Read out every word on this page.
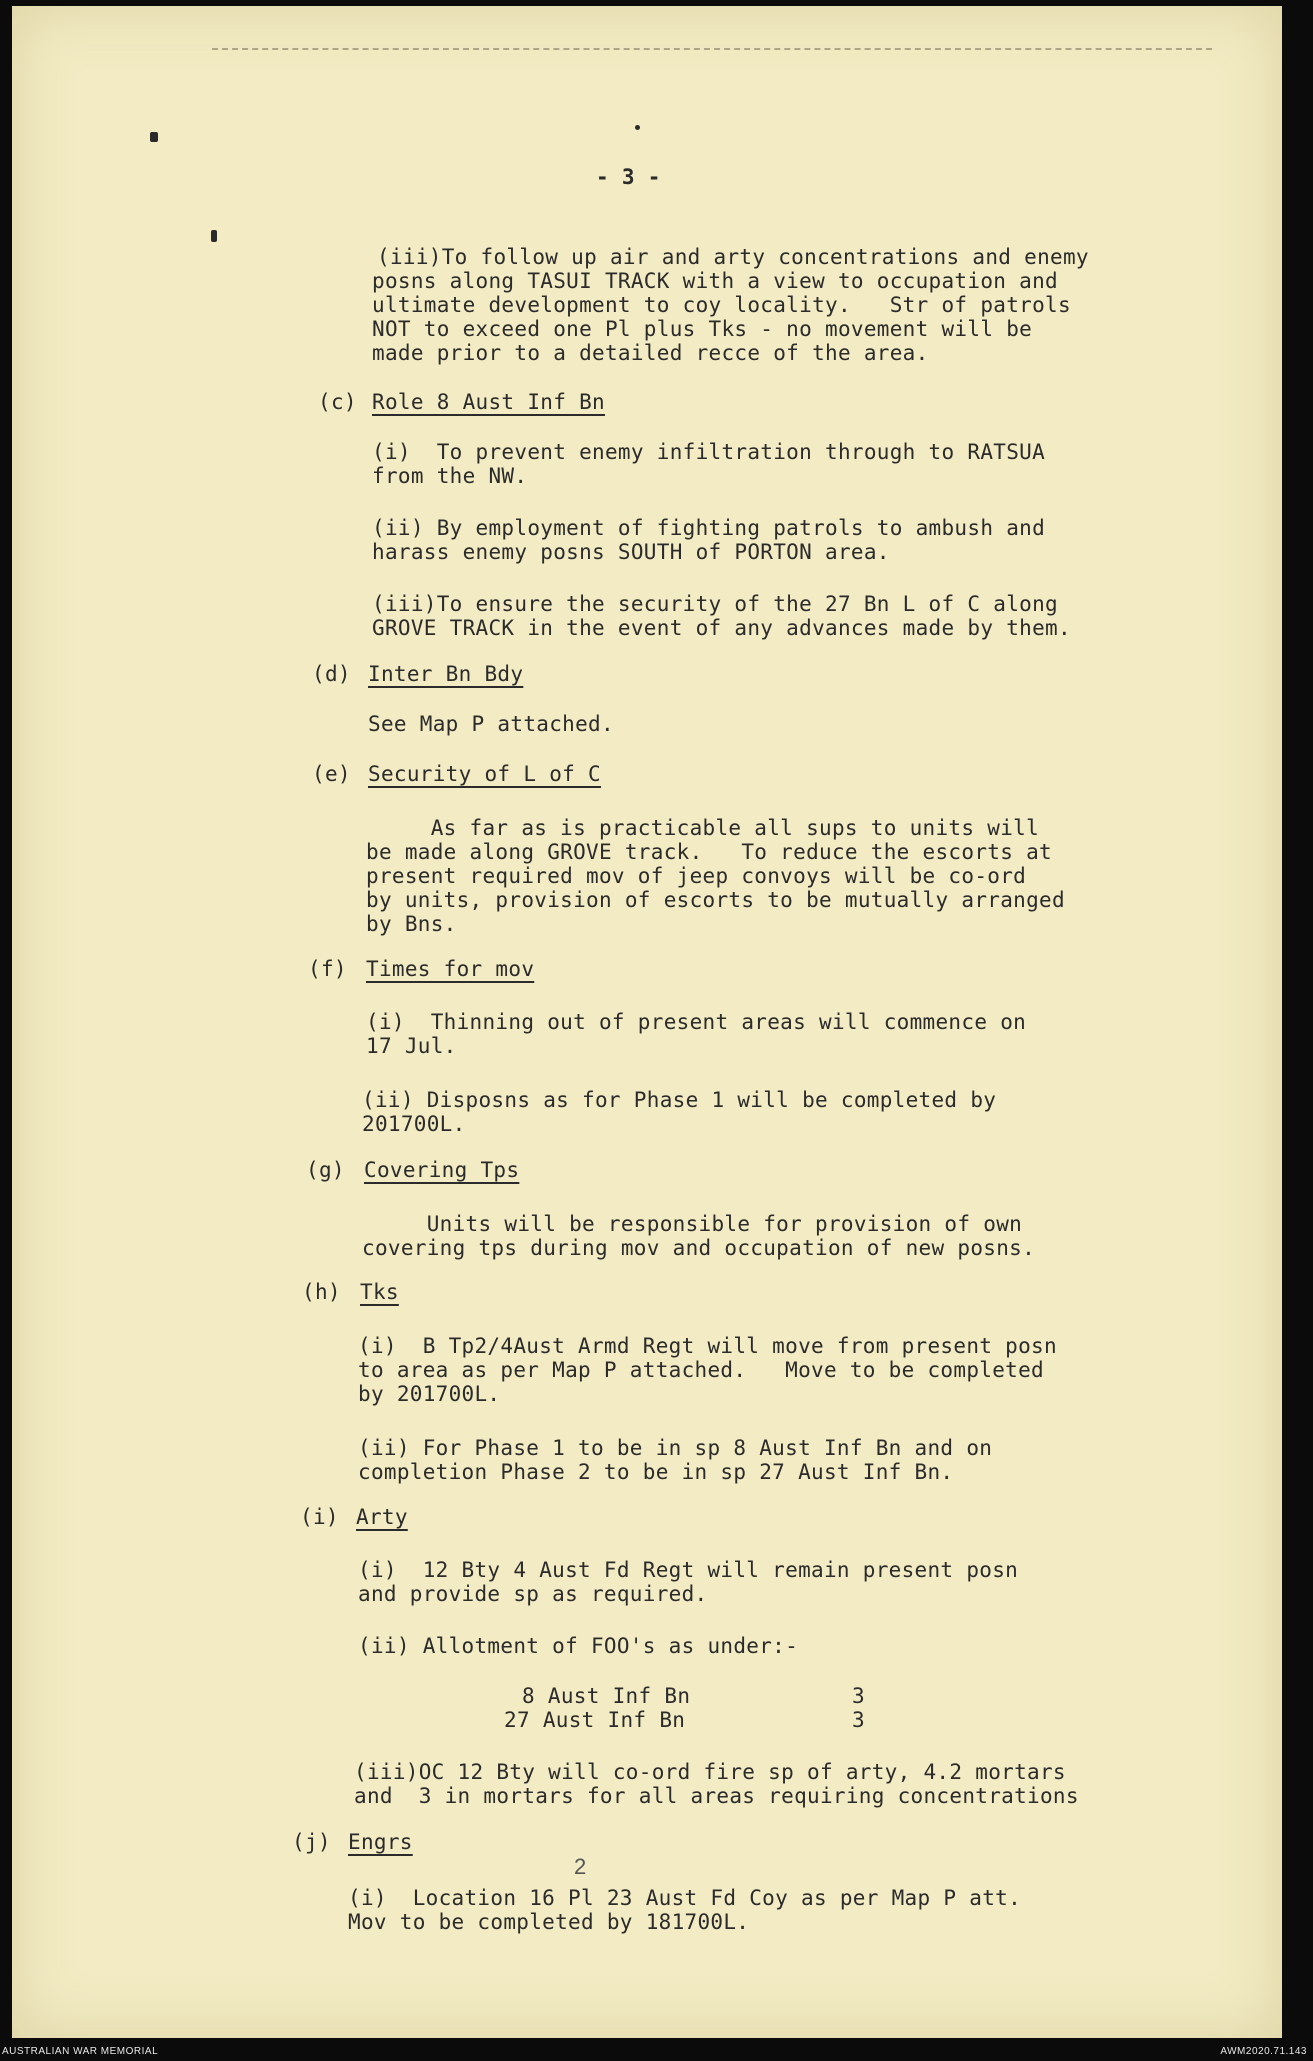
- 3 -
(iii)To follow up air and arty concentrations and enemy
posns along TASUI TRACK with a view to occupation and
ultimate development to coy locality.   Str of patrols
NOT to exceed one Pl plus Tks - no movement will be
made prior to a detailed recce of the area.
(c) Role 8 Aust Inf Bn
(i)  To prevent enemy infiltration through to RATSUA
from the NW.
(ii) By employment of fighting patrols to ambush and
harass enemy posns SOUTH of PORTON area.
(iii)To ensure the security of the 27 Bn L of C along
GROVE TRACK in the event of any advances made by them.
(d) Inter Bn Bdy
See Map P attached.
(e) Security of L of C
As far as is practicable all sups to units will
be made along GROVE track.   To reduce the escorts at
present required mov of jeep convoys will be co-ord
by units, provision of escorts to be mutually arranged
by Bns.
(f) Times for mov
(i)  Thinning out of present areas will commence on
17 Jul.
(ii) Disposns as for Phase 1 will be completed by
201700L.
(g) Covering Tps
Units will be responsible for provision of own
covering tps during mov and occupation of new posns.
(h) Tks
(i)  B Tp2/4Aust Armd Regt will move from present posn
to area as per Map P attached.   Move to be completed
by 201700L.
(ii) For Phase 1 to be in sp 8 Aust Inf Bn and on
completion Phase 2 to be in sp 27 Aust Inf Bn.
(i) Arty
(i)  12 Bty 4 Aust Fd Regt will remain present posn
and provide sp as required.
(ii) Allotment of FOO's as under:-
8 Aust Inf Bn	3
27 Aust Inf Bn	3
(iii)OC 12 Bty will co-ord fire sp of arty, 4.2 mortars
and  3 in mortars for all areas requiring concentrations
(j) Engrs
2
(i)  Location 16 Pl 23 Aust Fd Coy as per Map P att.
Mov to be completed by 181700L.
AUSTRALIAN WAR MEMORIAL	AWM2020.71.143
